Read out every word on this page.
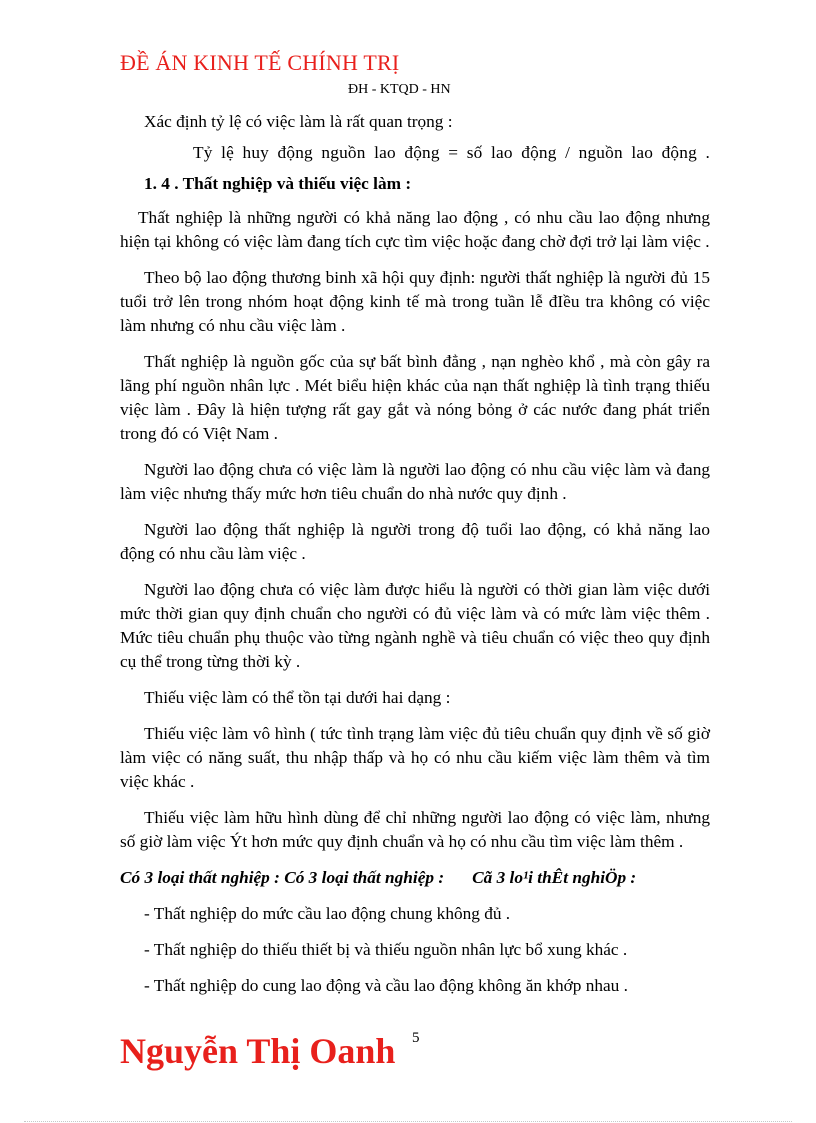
ĐỀ ÁN KINH TẾ CHÍNH TRỊ
ĐH - KTQD - HN

Xác định tỷ lệ có việc làm là rất quan trọng :

Tỷ lệ huy động nguồn lao động = số lao động / nguồn lao động .

1. 4 . Thất nghiệp và thiếu việc làm :

Thất nghiệp là những người có khả năng lao động , có nhu cầu lao động nhưng hiện tại không có việc làm đang tích cực tìm việc hoặc đang chờ đợi trở lại làm việc .

Theo bộ lao động thương binh xã hội quy định: người thất nghiệp là người đủ 15 tuổi trở lên trong nhóm hoạt động kinh tế mà trong tuần lễ đIều tra không có việc làm nhưng có nhu cầu việc làm .

Thất nghiệp là nguồn gốc của sự bất bình đẳng , nạn nghèo khổ , mà còn gây ra lãng phí nguồn nhân lực . Mét biểu hiện khác của nạn thất nghiệp là tình trạng thiếu việc làm . Đây là hiện tượng rất gay gắt và nóng bỏng ở các nước đang phát triển trong đó có Việt Nam .

Người lao động chưa có việc làm là người lao động có nhu cầu việc làm và đang làm việc nhưng thấy mức hơn tiêu chuẩn do nhà nước quy định .

Người lao động thất nghiệp là người trong độ tuổi lao động, có khả năng lao động có nhu cầu làm việc .

Người lao động chưa có việc làm được hiểu là người có thời gian làm việc dưới mức thời gian quy định chuẩn cho người có đủ việc làm và có mức làm việc thêm . Mức tiêu chuẩn phụ thuộc vào từng ngành nghề và tiêu chuẩn có việc theo quy định cụ thể trong từng thời kỳ .

Thiếu việc làm có thể tồn tại dưới hai dạng :

Thiếu việc làm vô hình ( tức tình trạng làm việc đủ tiêu chuẩn quy định về số giờ làm việc có năng suất, thu nhập thấp và họ có nhu cầu kiếm việc làm thêm và tìm việc khác .

Thiếu việc làm hữu hình dùng để chỉ những người lao động có việc làm, nhưng số giờ làm việc Ýt hơn mức quy định chuẩn và họ có nhu cầu tìm việc làm thêm .

Có 3 loại thất nghiệp : Có 3 loại thất nghiệp : Cã 3 lo¹i thÊt nghiÖp :

- Thất nghiệp do mức cầu lao động chung không đủ .

- Thất nghiệp do thiếu thiết bị và thiếu nguồn nhân lực bổ xung khác .

- Thất nghiệp do cung lao động và cầu lao động không ăn khớp nhau .

Nguyễn Thị Oanh 5
